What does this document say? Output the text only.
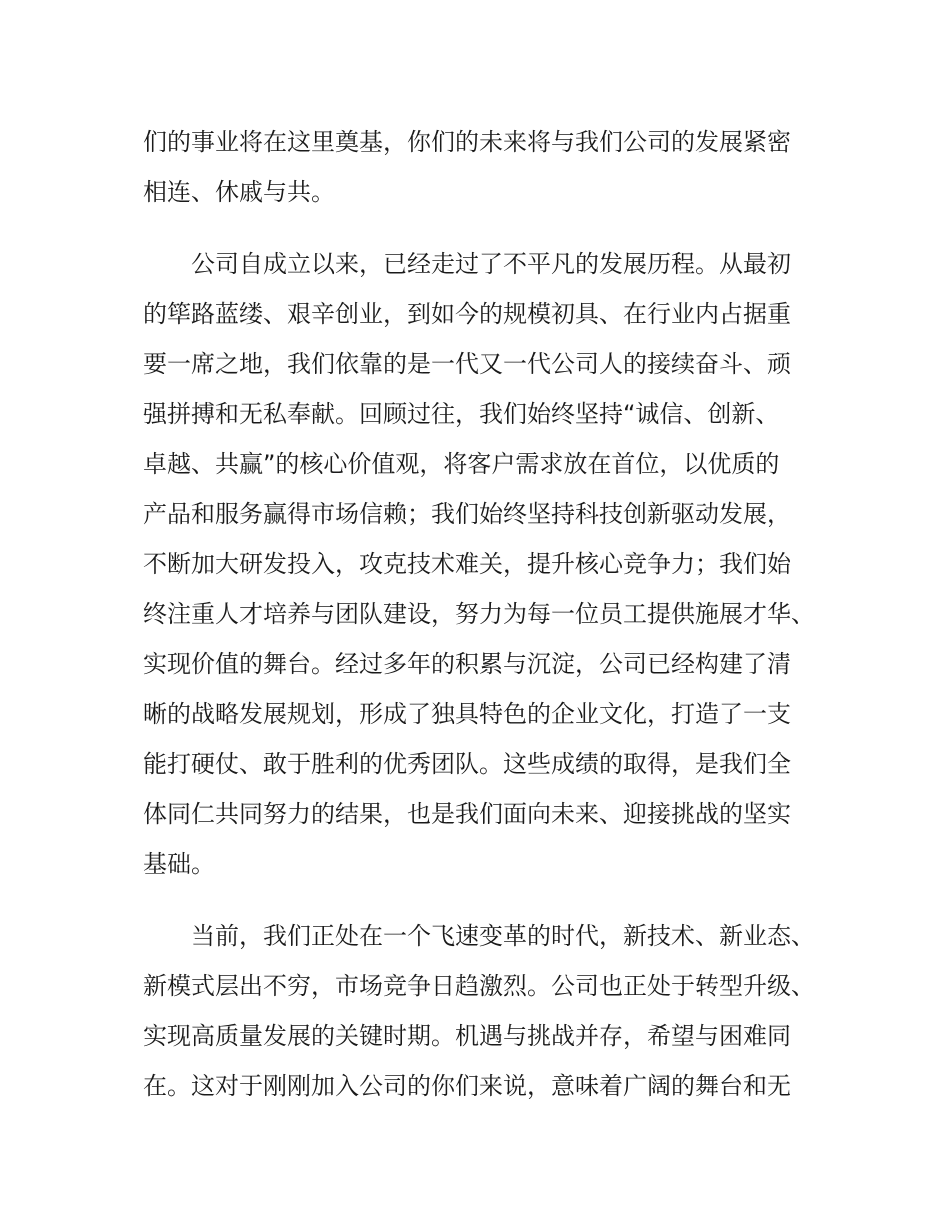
们的事业将在这里奠基，你们的未来将与我们公司的发展紧密

相连、休戚与共。

公司自成立以来，已经走过了不平凡的发展历程。从最初

的筚路蓝缕、艰辛创业，到如今的规模初具、在行业内占据重

要一席之地，我们依靠的是一代又一代公司人的接续奋斗、顽

强拼搏和无私奉献。回顾过往，我们始终坚持“诚信、创新、

卓越、共赢”的核心价值观，将客户需求放在首位，以优质的

产品和服务赢得市场信赖；我们始终坚持科技创新驱动发展，

不断加大研发投入，攻克技术难关，提升核心竞争力；我们始

终注重人才培养与团队建设，努力为每一位员工提供施展才华、

实现价值的舞台。经过多年的积累与沉淀，公司已经构建了清

晰的战略发展规划，形成了独具特色的企业文化，打造了一支

能打硬仗、敢于胜利的优秀团队。这些成绩的取得，是我们全

体同仁共同努力的结果，也是我们面向未来、迎接挑战的坚实

基础。

当前，我们正处在一个飞速变革的时代，新技术、新业态、

新模式层出不穷，市场竞争日趋激烈。公司也正处于转型升级、

实现高质量发展的关键时期。机遇与挑战并存，希望与困难同

在。这对于刚刚加入公司的你们来说，意味着广阔的舞台和无
